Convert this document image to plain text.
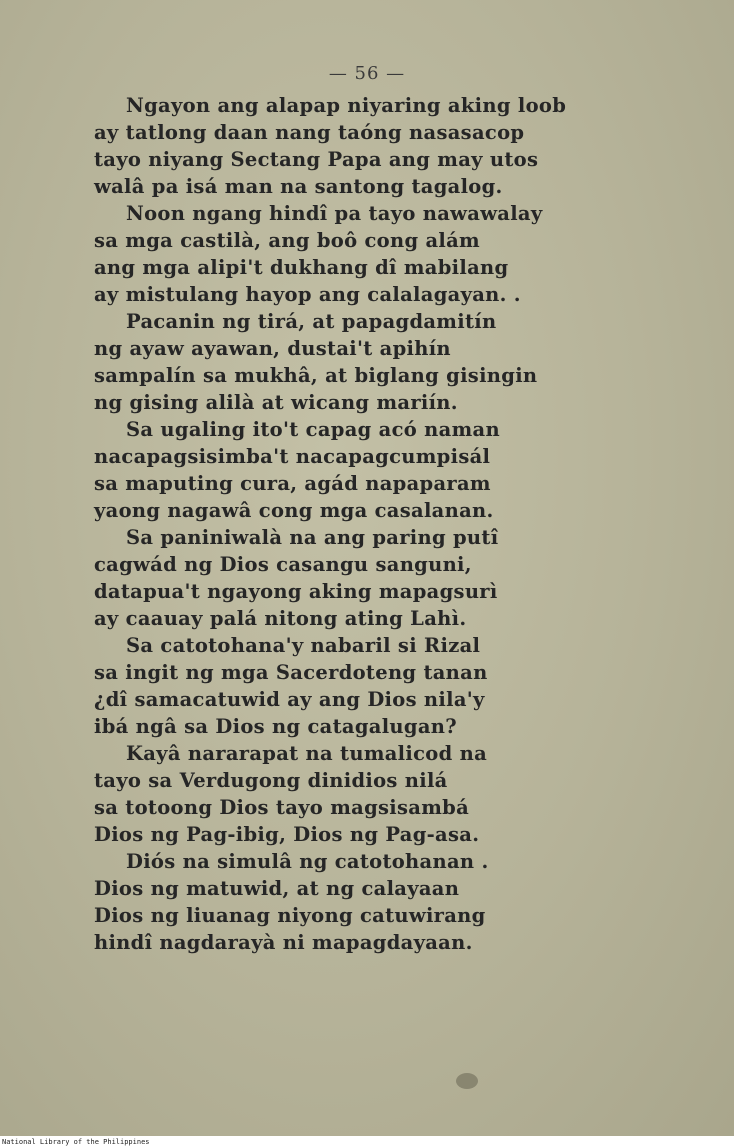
— 56 —

Ngayon ang alapap niyaring aking loob
ay tatlong daan nang taóng nasasacop
tayo niyang Sectang Papa ang may utos
walâ pa isá man na santong tagalog.

Noon ngang hindî pa tayo nawawalay
sa mga castilà, ang boô cong alám
ang mga alipi't dukhang dî mabilang
ay mistulang hayop ang calalagayan. .

Pacanin ng tirá, at papagdamitín
ng ayaw ayawan, dustai't apihín
sampalín sa mukhâ, at biglang gisingin
ng gising alilà at wicang mariín.

Sa ugaling ito't capag acó naman
nacapagsisimba't nacapagcumpisál
sa maputing cura, agád napaparam
yaong nagawâ cong mga casalanan.

Sa paniniwalà na ang paring putî
cagwád ng Dios casangu sanguni,
datapua't ngayong aking mapagsurì
ay caauay palá nitong ating Lahì.

Sa catotohana'y nabaril si Rizal
sa ingit ng mga Sacerdoteng tanan
¿dî samacatuwid ay ang Dios nila'y
ibá ngâ sa Dios ng catagalugan?

Kayâ nararapat na tumalicod na
tayo sa Verdugong dinidios nilá
sa totoong Dios tayo magsisambá
Dios ng Pag-ibig, Dios ng Pag-asa.

Diós na simulâ ng catotohanan .
Dios ng matuwid, at ng calayaan
Dios ng liuanag niyong catuwirang
hindî nagdarayà ni mapagdayaan.

National Library of the Philippines
